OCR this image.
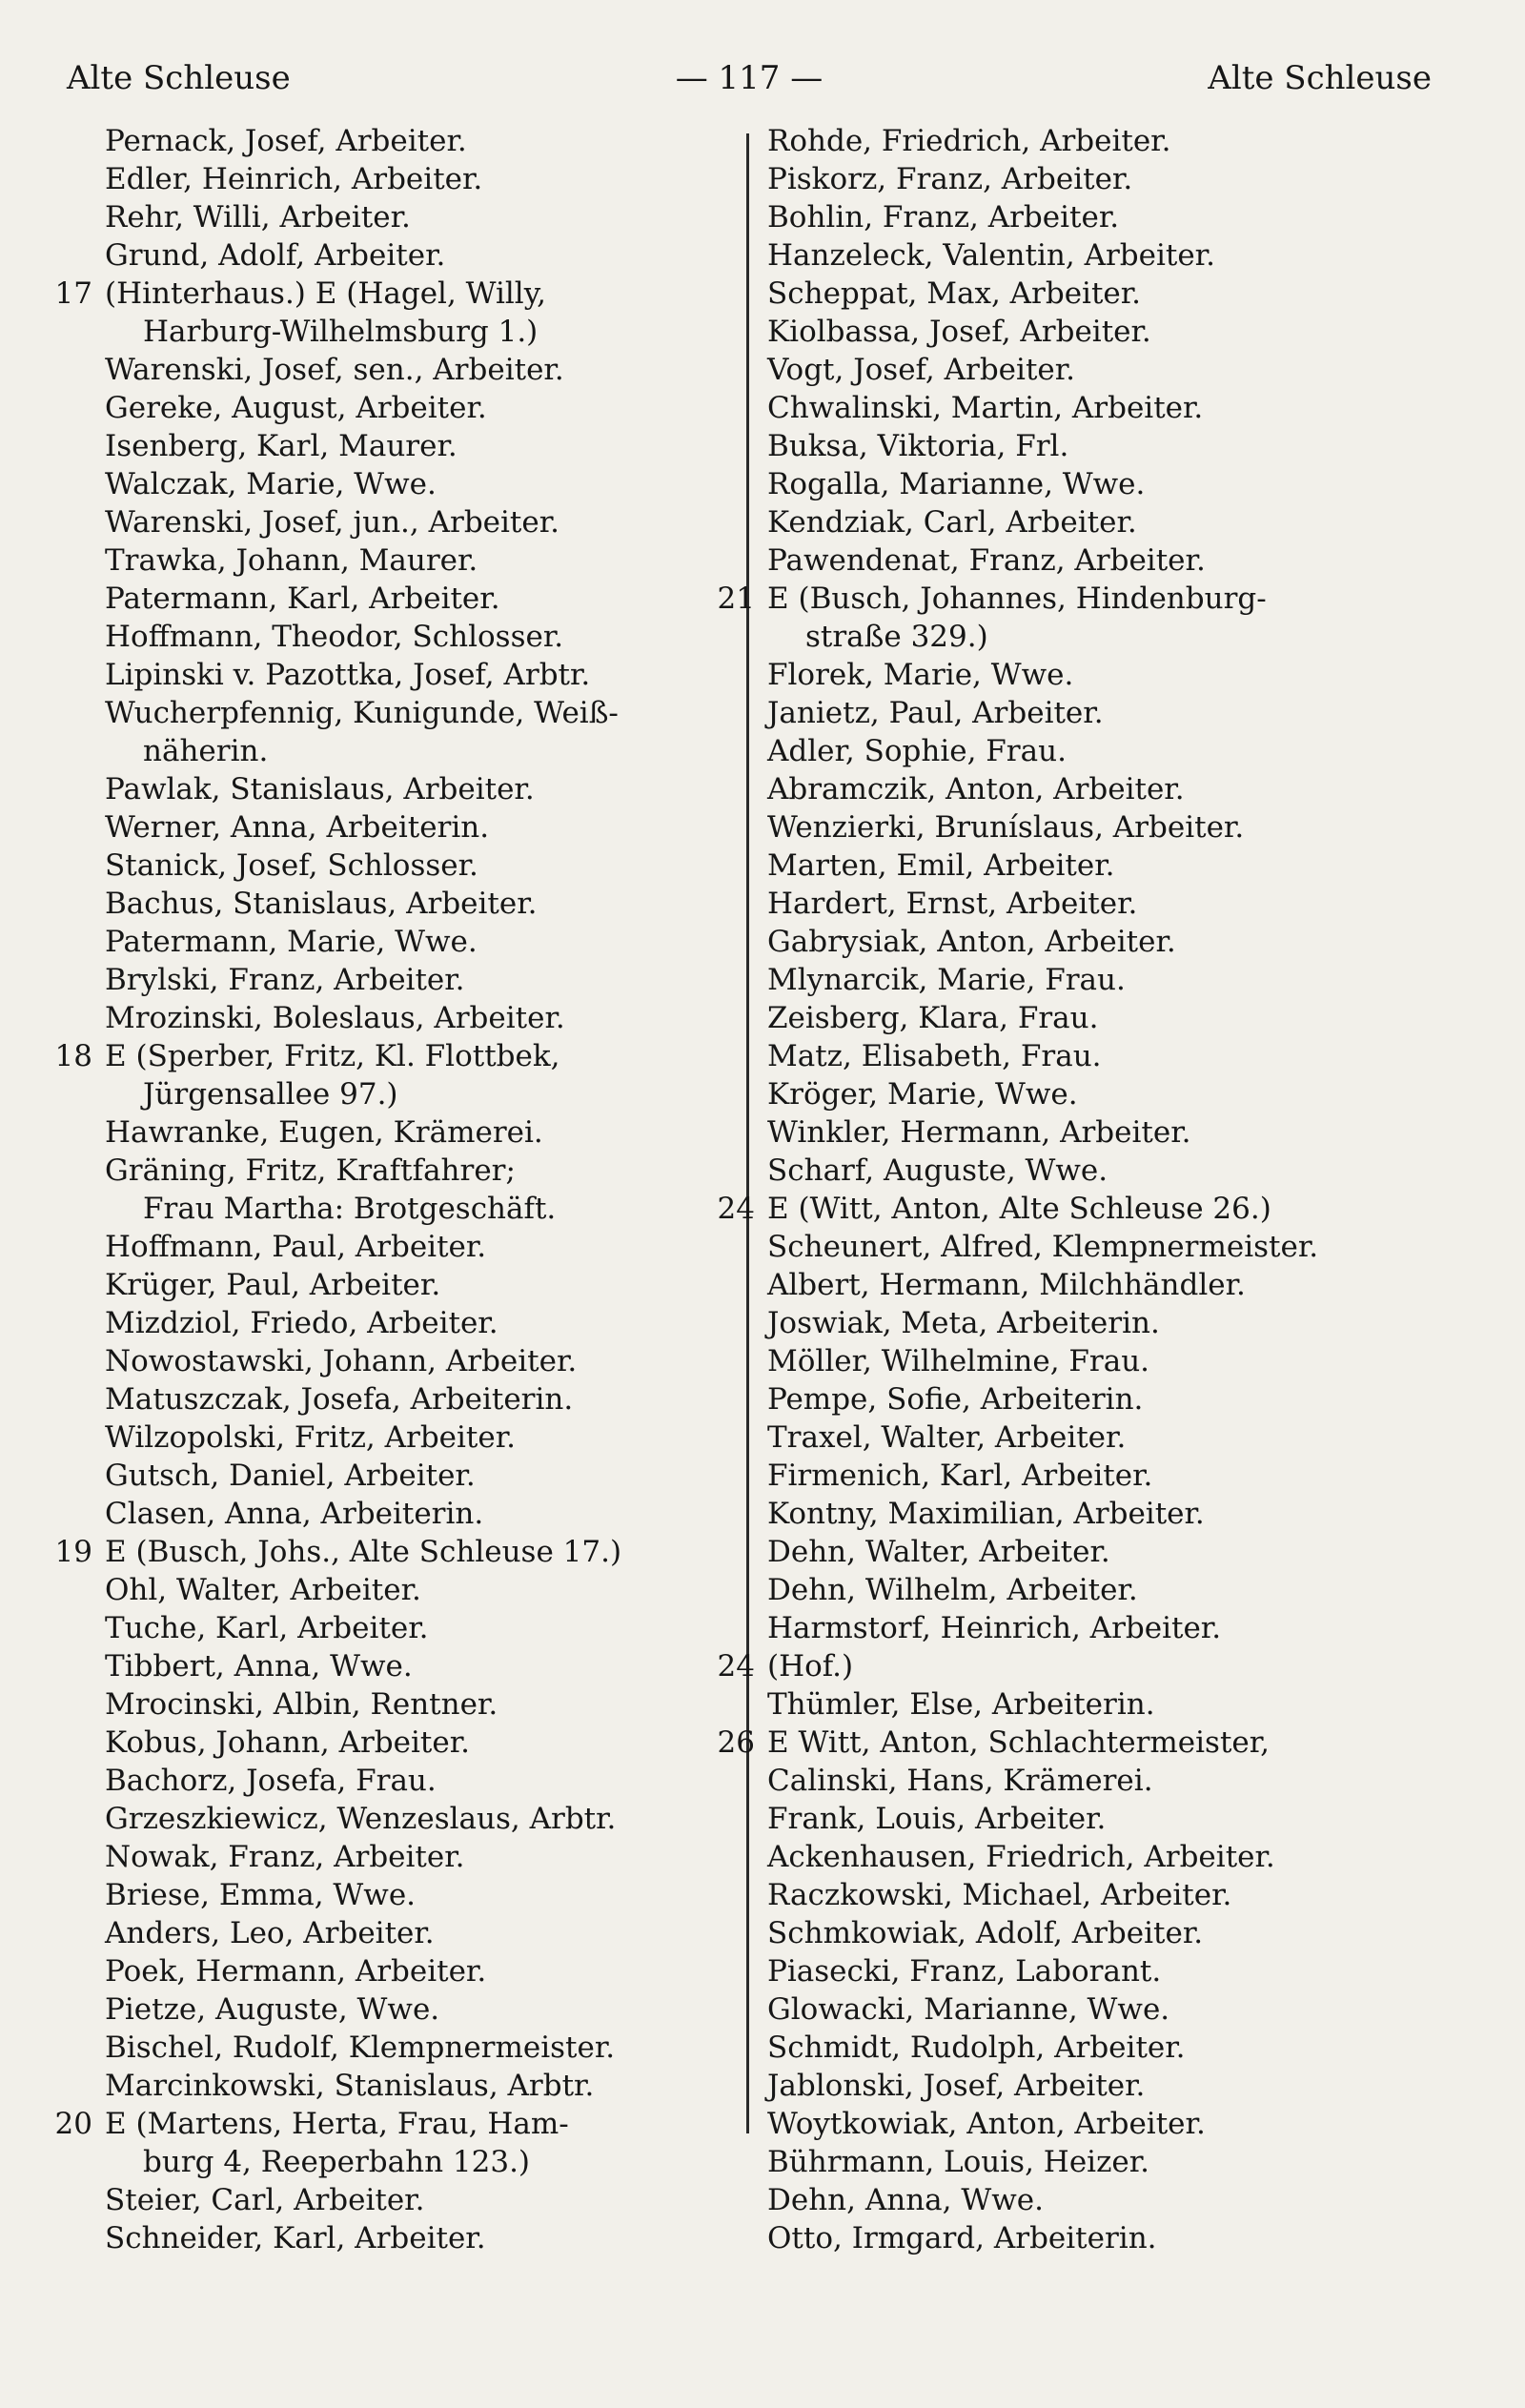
Alte Schleuse	— 117 —	Alte Schleuse
Pernack, Josef, Arbeiter.
Edler, Heinrich, Arbeiter.
Rehr, Willi, Arbeiter.
Grund, Adolf, Arbeiter.
17 (Hinterhaus.) E (Hagel, Willy,
Harburg-Wilhelmsburg 1.)
Warenski, Josef, sen., Arbeiter.
Gereke, August, Arbeiter.
Isenberg, Karl, Maurer.
Walczak, Marie, Wwe.
Warenski, Josef, jun., Arbeiter.
Trawka, Johann, Maurer.
Patermann, Karl, Arbeiter.
Hoffmann, Theodor, Schlosser.
Lipinski v. Pazottka, Josef, Arbtr.
Wucherpfennig, Kunigunde, Weiß-
näherin.
Pawlak, Stanislaus, Arbeiter.
Werner, Anna, Arbeiterin.
Stanick, Josef, Schlosser.
Bachus, Stanislaus, Arbeiter.
Patermann, Marie, Wwe.
Brylski, Franz, Arbeiter.
Mrozinski, Boleslaus, Arbeiter.
18 E (Sperber, Fritz, Kl. Flottbek,
Jürgensallee 97.)
Hawranke, Eugen, Krämerei.
Gräning, Fritz, Kraftfahrer;
Frau Martha: Brotgeschäft.
Hoffmann, Paul, Arbeiter.
Krüger, Paul, Arbeiter.
Mizdziol, Friedo, Arbeiter.
Nowostawski, Johann, Arbeiter.
Matuszczak, Josefa, Arbeiterin.
Wilzopolski, Fritz, Arbeiter.
Gutsch, Daniel, Arbeiter.
Clasen, Anna, Arbeiterin.
19 E (Busch, Johs., Alte Schleuse 17.)
Ohl, Walter, Arbeiter.
Tuche, Karl, Arbeiter.
Tibbert, Anna, Wwe.
Mrocinski, Albin, Rentner.
Kobus, Johann, Arbeiter.
Bachorz, Josefa, Frau.
Grzeszkiewicz, Wenzeslaus, Arbtr.
Nowak, Franz, Arbeiter.
Briese, Emma, Wwe.
Anders, Leo, Arbeiter.
Poek, Hermann, Arbeiter.
Pietze, Auguste, Wwe.
Bischel, Rudolf, Klempnermeister.
Marcinkowski, Stanislaus, Arbtr.
20 E (Martens, Herta, Frau, Ham-
burg 4, Reeperbahn 123.)
Steier, Carl, Arbeiter.
Schneider, Karl, Arbeiter.
Rohde, Friedrich, Arbeiter.
Piskorz, Franz, Arbeiter.
Bohlin, Franz, Arbeiter.
Hanzeleck, Valentin, Arbeiter.
Scheppat, Max, Arbeiter.
Kiolbassa, Josef, Arbeiter.
Vogt, Josef, Arbeiter.
Chwalinski, Martin, Arbeiter.
Buksa, Viktoria, Frl.
Rogalla, Marianne, Wwe.
Kendziak, Carl, Arbeiter.
Pawendenat, Franz, Arbeiter.
21 E (Busch, Johannes, Hindenburg-
straße 329.)
Florek, Marie, Wwe.
Janietz, Paul, Arbeiter.
Adler, Sophie, Frau.
Abramczik, Anton, Arbeiter.
Wenzierki, Bruníslaus, Arbeiter.
Marten, Emil, Arbeiter.
Hardert, Ernst, Arbeiter.
Gabrysiak, Anton, Arbeiter.
Mlynarcik, Marie, Frau.
Zeisberg, Klara, Frau.
Matz, Elisabeth, Frau.
Kröger, Marie, Wwe.
Winkler, Hermann, Arbeiter.
Scharf, Auguste, Wwe.
24 E (Witt, Anton, Alte Schleuse 26.)
Scheunert, Alfred, Klempnermeister.
Albert, Hermann, Milchhändler.
Joswiak, Meta, Arbeiterin.
Möller, Wilhelmine, Frau.
Pempe, Sofie, Arbeiterin.
Traxel, Walter, Arbeiter.
Firmenich, Karl, Arbeiter.
Kontny, Maximilian, Arbeiter.
Dehn, Walter, Arbeiter.
Dehn, Wilhelm, Arbeiter.
Harmstorf, Heinrich, Arbeiter.
24 (Hof.)
Thümler, Else, Arbeiterin.
26 E Witt, Anton, Schlachtermeister,
Calinski, Hans, Krämerei.
Frank, Louis, Arbeiter.
Ackenhausen, Friedrich, Arbeiter.
Raczkowski, Michael, Arbeiter.
Schmkowiak, Adolf, Arbeiter.
Piasecki, Franz, Laborant.
Glowacki, Marianne, Wwe.
Schmidt, Rudolph, Arbeiter.
Jablonski, Josef, Arbeiter.
Woytkowiak, Anton, Arbeiter.
Bührmann, Louis, Heizer.
Dehn, Anna, Wwe.
Otto, Irmgard, Arbeiterin.
